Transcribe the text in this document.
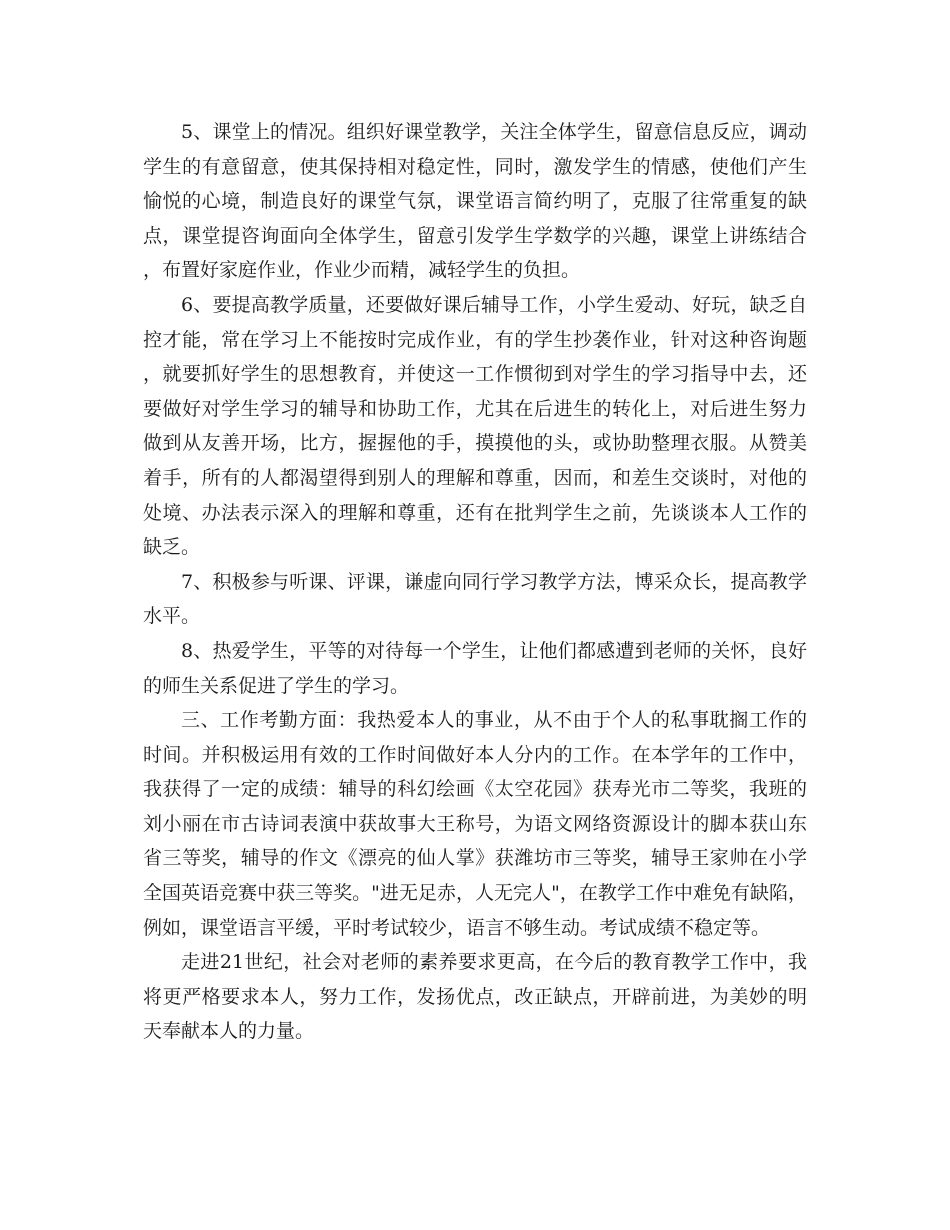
5、课堂上的情况。组织好课堂教学，关注全体学生，留意信息反应，调动学生的有意留意，使其保持相对稳定性，同时，激发学生的情感，使他们产生愉悦的心境，制造良好的课堂气氛，课堂语言简约明了，克服了往常重复的缺点，课堂提咨询面向全体学生，留意引发学生学数学的兴趣，课堂上讲练结合，布置好家庭作业，作业少而精，减轻学生的负担。

6、要提高教学质量，还要做好课后辅导工作，小学生爱动、好玩，缺乏自控才能，常在学习上不能按时完成作业，有的学生抄袭作业，针对这种咨询题，就要抓好学生的思想教育，并使这一工作惯彻到对学生的学习指导中去，还要做好对学生学习的辅导和协助工作，尤其在后进生的转化上，对后进生努力做到从友善开场，比方，握握他的手，摸摸他的头，或协助整理衣服。从赞美着手，所有的人都渴望得到别人的理解和尊重，因而，和差生交谈时，对他的处境、办法表示深入的理解和尊重，还有在批判学生之前，先谈谈本人工作的缺乏。

7、积极参与听课、评课，谦虚向同行学习教学方法，博采众长，提高教学水平。

8、热爱学生，平等的对待每一个学生，让他们都感遭到老师的关怀，良好的师生关系促进了学生的学习。

三、工作考勤方面：我热爱本人的事业，从不由于个人的私事耽搁工作的时间。并积极运用有效的工作时间做好本人分内的工作。在本学年的工作中，我获得了一定的成绩：辅导的科幻绘画《太空花园》获寿光市二等奖，我班的刘小丽在市古诗词表演中获故事大王称号，为语文网络资源设计的脚本获山东省三等奖，辅导的作文《漂亮的仙人掌》获潍坊市三等奖，辅导王家帅在小学全国英语竞赛中获三等奖。"进无足赤，人无完人"，在教学工作中难免有缺陷，例如，课堂语言平缓，平时考试较少，语言不够生动。考试成绩不稳定等。

走进21世纪，社会对老师的素养要求更高，在今后的教育教学工作中，我将更严格要求本人，努力工作，发扬优点，改正缺点，开辟前进，为美妙的明天奉献本人的力量。
